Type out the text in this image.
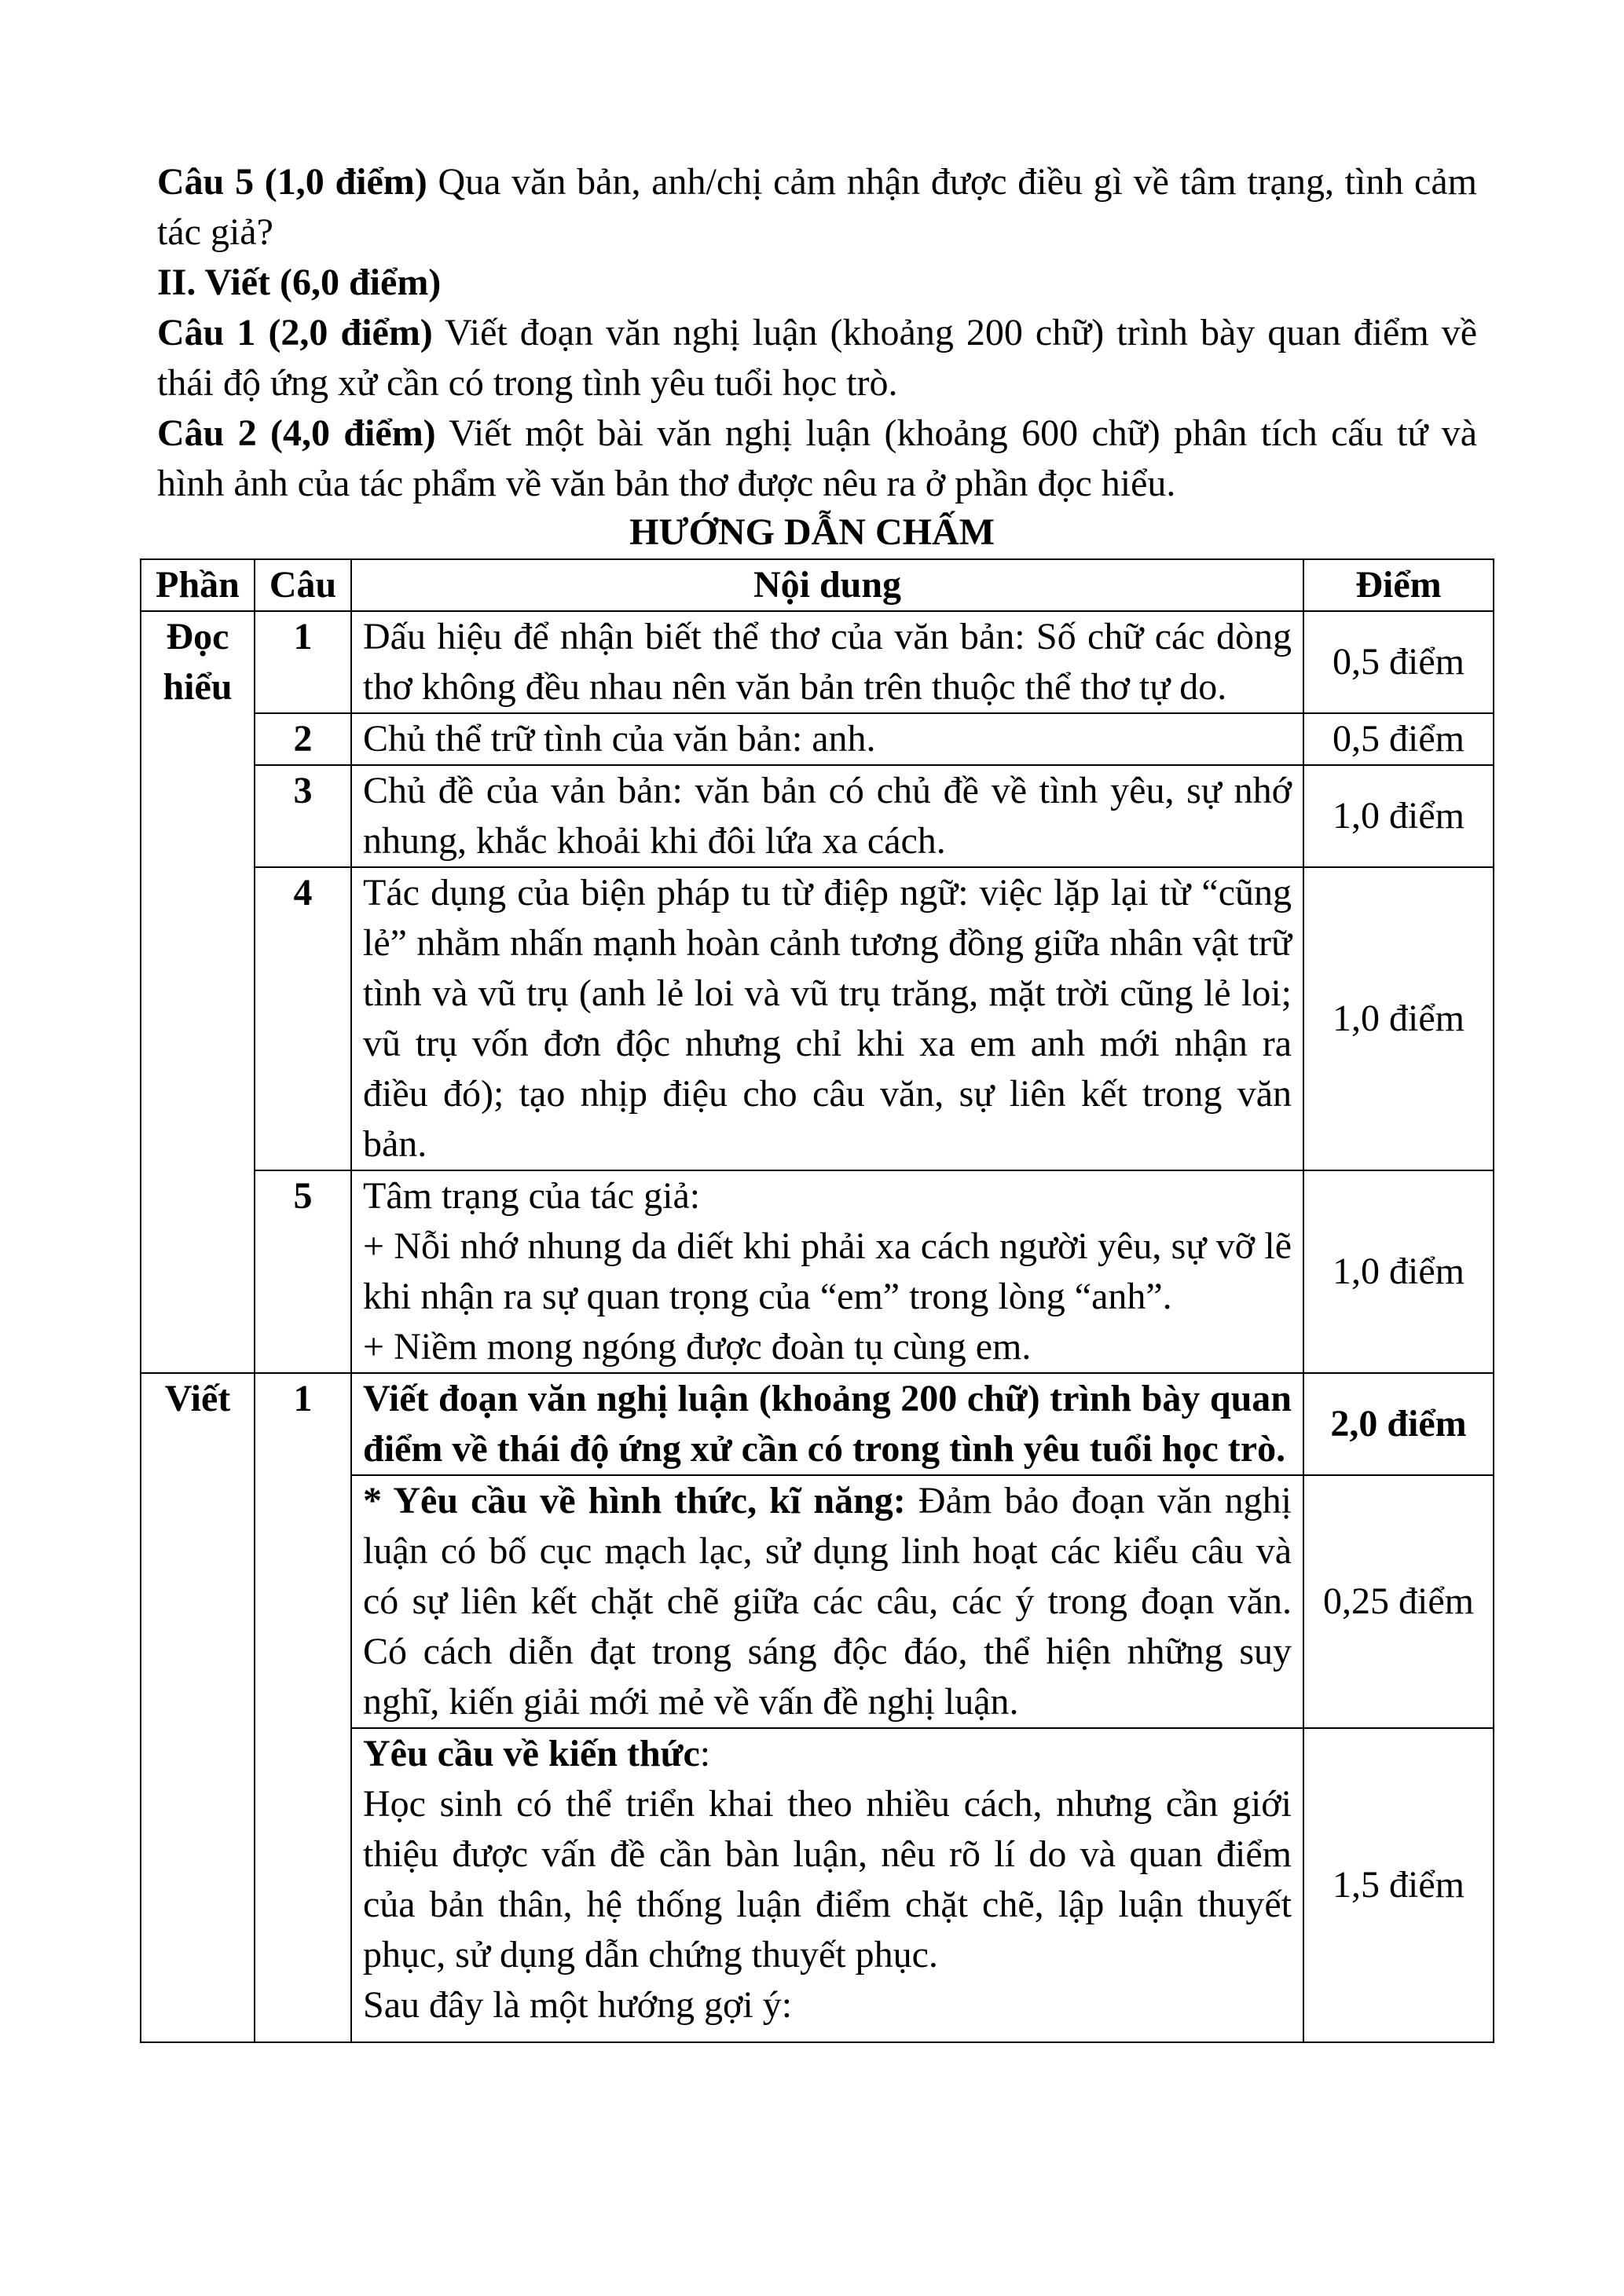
Câu 5 (1,0 điểm) Qua văn bản, anh/chị cảm nhận được điều gì về tâm trạng, tình cảm tác giả?
II. Viết (6,0 điểm)
Câu 1 (2,0 điểm) Viết đoạn văn nghị luận (khoảng 200 chữ) trình bày quan điểm về thái độ ứng xử cần có trong tình yêu tuổi học trò.
Câu 2 (4,0 điểm) Viết một bài văn nghị luận (khoảng 600 chữ) phân tích cấu tứ và hình ảnh của tác phẩm về văn bản thơ được nêu ra ở phần đọc hiểu.
HƯỚNG DẪN CHẤM
Phần	Câu	Nội dung	Điểm
Đọc hiểu	1	Dấu hiệu để nhận biết thể thơ của văn bản: Số chữ các dòng thơ không đều nhau nên văn bản trên thuộc thể thơ tự do.	0,5 điểm
	2	Chủ thể trữ tình của văn bản: anh.	0,5 điểm
	3	Chủ đề của vản bản: văn bản có chủ đề về tình yêu, sự nhớ nhung, khắc khoải khi đôi lứa xa cách.	1,0 điểm
	4	Tác dụng của biện pháp tu từ điệp ngữ: việc lặp lại từ “cũng lẻ” nhằm nhấn mạnh hoàn cảnh tương đồng giữa nhân vật trữ tình và vũ trụ (anh lẻ loi và vũ trụ trăng, mặt trời cũng lẻ loi; vũ trụ vốn đơn độc nhưng chỉ khi xa em anh mới nhận ra điều đó); tạo nhịp điệu cho câu văn, sự liên kết trong văn bản.	1,0 điểm
	5	Tâm trạng của tác giả:
+ Nỗi nhớ nhung da diết khi phải xa cách người yêu, sự vỡ lẽ khi nhận ra sự quan trọng của “em” trong lòng “anh”.
+ Niềm mong ngóng được đoàn tụ cùng em.	1,0 điểm
Viết	1	Viết đoạn văn nghị luận (khoảng 200 chữ) trình bày quan điểm về thái độ ứng xử cần có trong tình yêu tuổi học trò.	2,0 điểm
		* Yêu cầu về hình thức, kĩ năng: Đảm bảo đoạn văn nghị luận có bố cục mạch lạc, sử dụng linh hoạt các kiểu câu và có sự liên kết chặt chẽ giữa các câu, các ý trong đoạn văn. Có cách diễn đạt trong sáng độc đáo, thể hiện những suy nghĩ, kiến giải mới mẻ về vấn đề nghị luận.	0,25 điểm

		Yêu cầu về kiến thức:
Học sinh có thể triển khai theo nhiều cách, nhưng cần giới thiệu được vấn đề cần bàn luận, nêu rõ lí do và quan điểm của bản thân, hệ thống luận điểm chặt chẽ, lập luận thuyết phục, sử dụng dẫn chứng thuyết phục.
Sau đây là một hướng gợi ý:	1,5 điểm
